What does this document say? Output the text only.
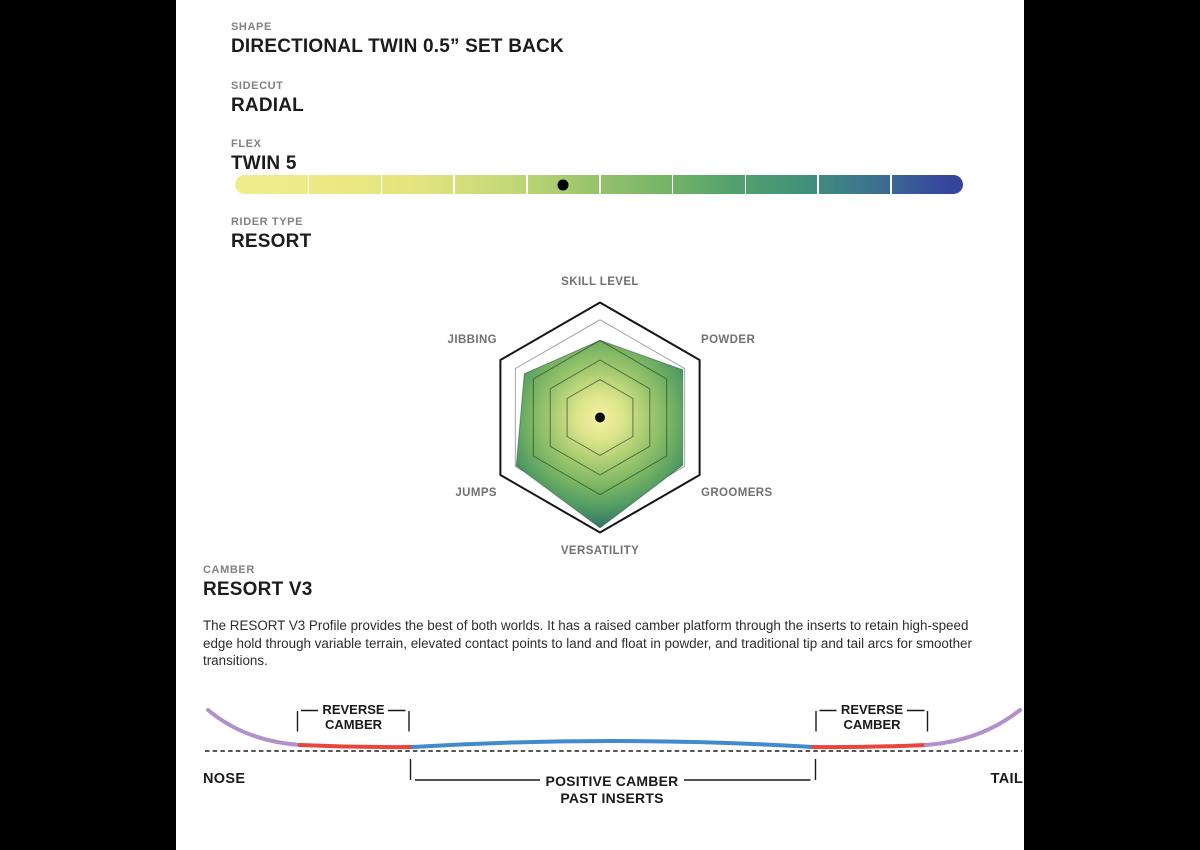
SHAPE
DIRECTIONAL TWIN 0.5” SET BACK
SIDECUT
RADIAL
FLEX
TWIN 5
RIDER TYPE
RESORT
SKILL LEVEL
POWDER
GROOMERS
VERSATILITY
JUMPS
JIBBING
CAMBER
RESORT V3
The RESORT V3 Profile provides the best of both worlds. It has a raised camber platform through the inserts to retain high-speed edge hold through variable terrain, elevated contact points to land and float in powder, and traditional tip and tail arcs for smoother transitions.
REVERSE
CAMBER
REVERSE
CAMBER
POSITIVE CAMBER
PAST INSERTS
NOSE	TAIL
